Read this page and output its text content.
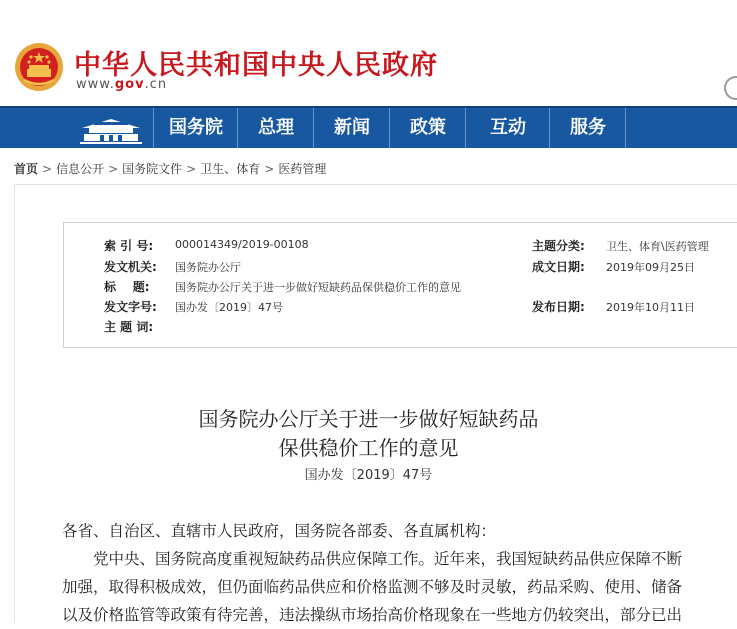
中华人民共和国中央人民政府
www.gov.cn
国务院	总理	新闻	政策	互动	服务
首页 > 信息公开 > 国务院文件 > 卫生、体育 > 医药管理
索 引 号: 000014349/2019-00108	主题分类: 卫生、体育\医药管理
发文机关: 国务院办公厅	成文日期: 2019年09月25日
标    题: 国务院办公厅关于进一步做好短缺药品保供稳价工作的意见
发文字号: 国办发〔2019〕47号	发布日期: 2019年10月11日
主 题 词:
国务院办公厅关于进一步做好短缺药品
保供稳价工作的意见
国办发〔2019〕47号

各省、自治区、直辖市人民政府，国务院各部委、各直属机构：

党中央、国务院高度重视短缺药品供应保障工作。近年来，我国短缺药品供应保障不断

加强，取得积极成效，但仍面临药品供应和价格监测不够及时灵敏，药品采购、使用、储备

以及价格监管等政策有待完善，违法操纵市场抬高价格现象在一些地方仍较突出，部分已出
